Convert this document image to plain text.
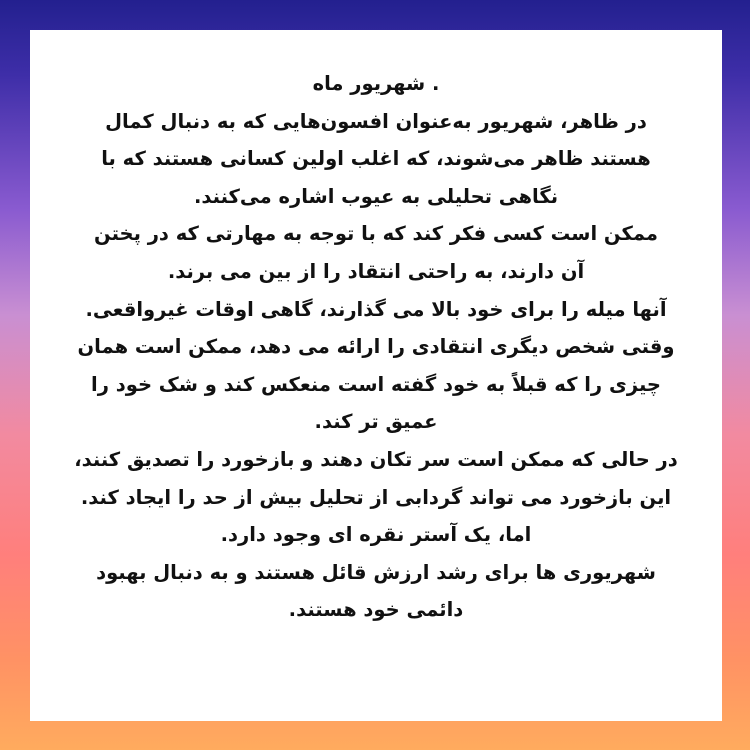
. شهریور ماه

در ظاهر، شهریور به‌عنوان افسون‌هایی که به دنبال کمال

هستند ظاهر می‌شوند، که اغلب اولین کسانی هستند که با

نگاهی تحلیلی به عیوب اشاره می‌کنند.

ممکن است کسی فکر کند که با توجه به مهارتی که در پختن

آن دارند، به راحتی انتقاد را از بین می برند.

آنها میله را برای خود بالا می گذارند، گاهی اوقات غیرواقعی.

وقتی شخص دیگری انتقادی را ارائه می دهد، ممکن است همان

چیزی را که قبلاً به خود گفته است منعکس کند و شک خود را

عمیق تر کند.

در حالی که ممکن است سر تکان دهند و بازخورد را تصدیق کنند،

این بازخورد می تواند گردابی از تحلیل بیش از حد را ایجاد کند.

اما، یک آستر نقره ای وجود دارد.

شهریوری ها برای رشد ارزش قائل هستند و به دنبال بهبود

دائمی خود هستند.
